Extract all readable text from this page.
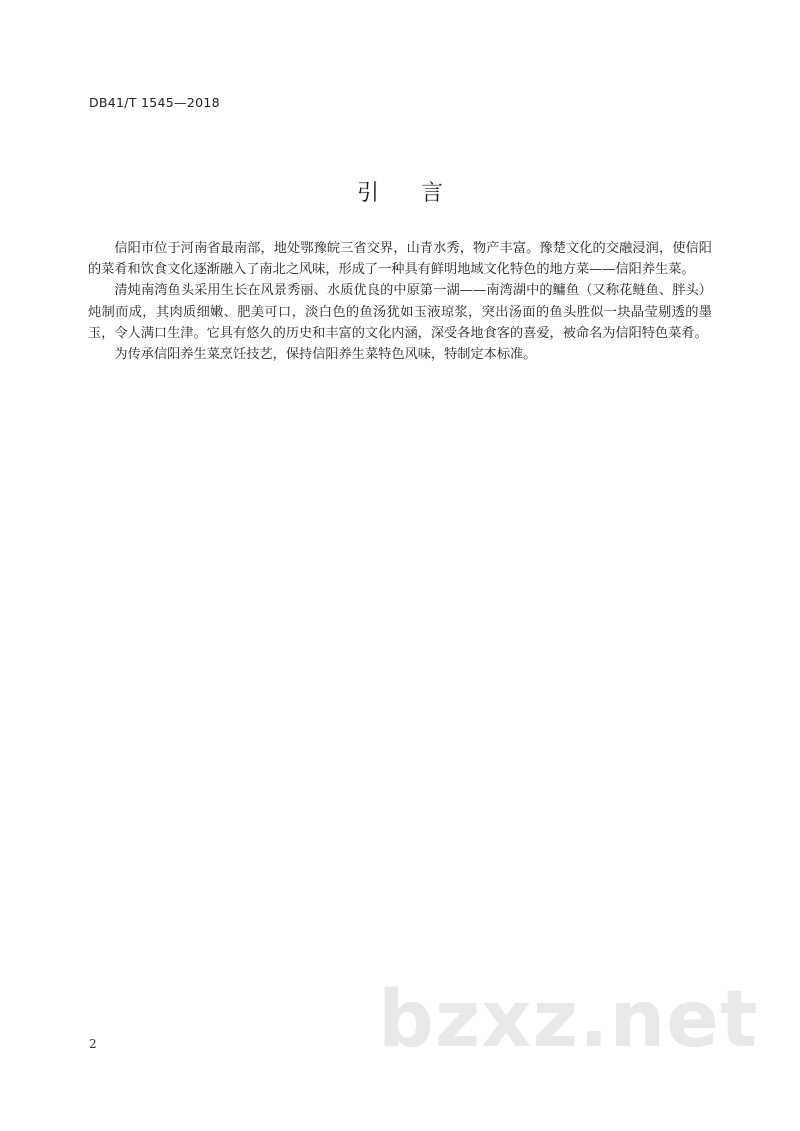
DB41/T 1545—2018
引言

信阳市位于河南省最南部，地处鄂豫皖三省交界，山青水秀，物产丰富。豫楚文化的交融浸润，使信阳的菜肴和饮食文化逐渐融入了南北之风味，形成了一种具有鲜明地域文化特色的地方菜——信阳养生菜。

清炖南湾鱼头采用生长在风景秀丽、水质优良的中原第一湖——南湾湖中的鳙鱼（又称花鲢鱼、胖头）炖制而成，其肉质细嫩、肥美可口，淡白色的鱼汤犹如玉液琼浆，突出汤面的鱼头胜似一块晶莹剔透的墨玉，令人满口生津。它具有悠久的历史和丰富的文化内涵，深受各地食客的喜爱，被命名为信阳特色菜肴。

为传承信阳养生菜烹饪技艺，保持信阳养生菜特色风味，特制定本标准。

bzxz.net
2
